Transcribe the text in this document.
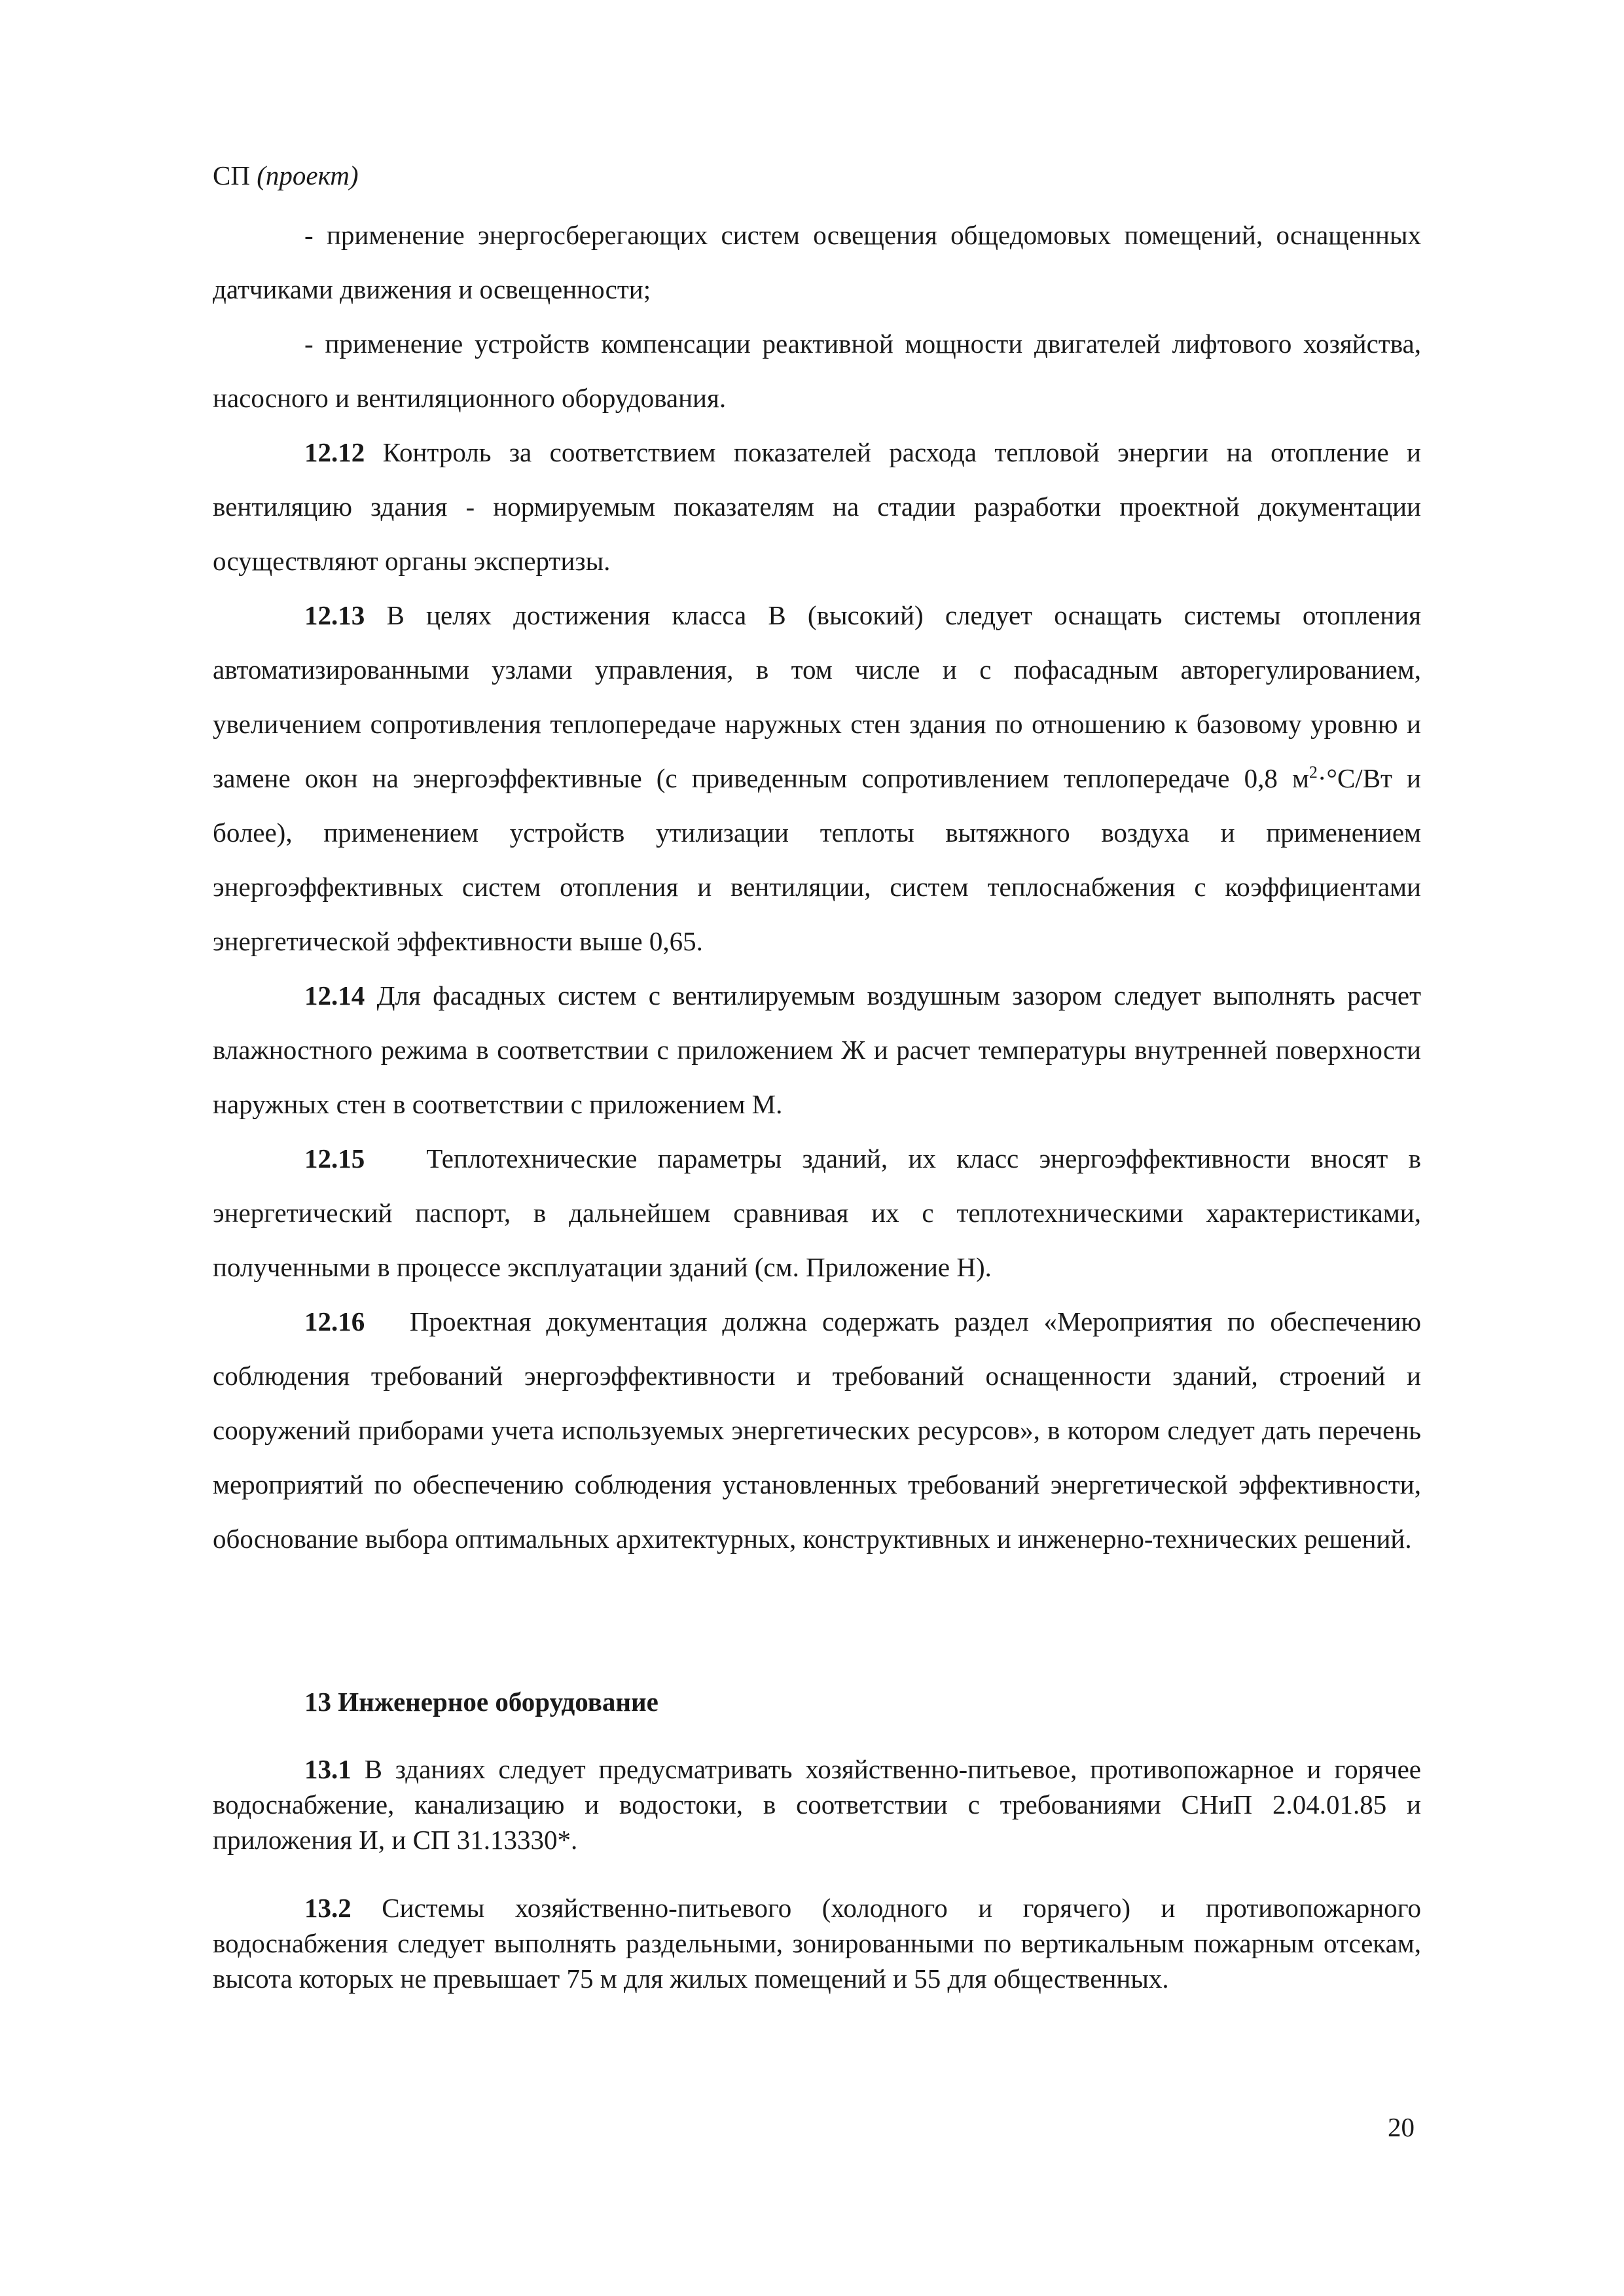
СП (проект)

- применение энергосберегающих систем освещения общедомовых помещений, оснащенных датчиками движения и освещенности;

- применение устройств компенсации реактивной мощности двигателей лифтового хозяйства, насосного и вентиляционного оборудования.

12.12 Контроль за соответствием показателей расхода тепловой энергии на отопление и вентиляцию здания - нормируемым показателям на стадии разработки проектной документации осуществляют органы экспертизы.

12.13 В целях достижения класса В (высокий) следует оснащать системы отопления автоматизированными узлами управления, в том числе и с пофасадным авторегулированием, увеличением сопротивления теплопередаче наружных стен здания по отношению к базовому уровню и замене окон на энергоэффективные (с приведенным сопротивлением теплопередаче 0,8 $м^2\cdot^\circ С/Вт$ и более), применением устройств утилизации теплоты вытяжного воздуха и применением энергоэффективных систем отопления и вентиляции, систем теплоснабжения с коэффициентами энергетической эффективности выше 0,65.

12.14 Для фасадных систем с вентилируемым воздушным зазором следует выполнять расчет влажностного режима в соответствии с приложением Ж и расчет температуры внутренней поверхности наружных стен в соответствии с приложением М.

12.15 Теплотехнические параметры зданий, их класс энергоэффективности вносят в энергетический паспорт, в дальнейшем сравнивая их с теплотехническими характеристиками, полученными в процессе эксплуатации зданий (см. Приложение Н).

12.16 Проектная документация должна содержать раздел «Мероприятия по обеспечению соблюдения требований энергоэффективности и требований оснащенности зданий, строений и сооружений приборами учета используемых энергетических ресурсов», в котором следует дать перечень мероприятий по обеспечению соблюдения установленных требований энергетической эффективности, обоснование выбора оптимальных архитектурных, конструктивных и инженерно-технических решений.

13 Инженерное оборудование

13.1 В зданиях следует предусматривать хозяйственно-питьевое, противопожарное и горячее водоснабжение, канализацию и водостоки, в соответствии с требованиями СНиП 2.04.01.85 и приложения И, и СП 31.13330*.

13.2 Системы хозяйственно-питьевого (холодного и горячего) и противопожарного водоснабжения следует выполнять раздельными, зонированными по вертикальным пожарным отсекам, высота которых не превышает 75 м для жилых помещений и 55 для общественных.

20
